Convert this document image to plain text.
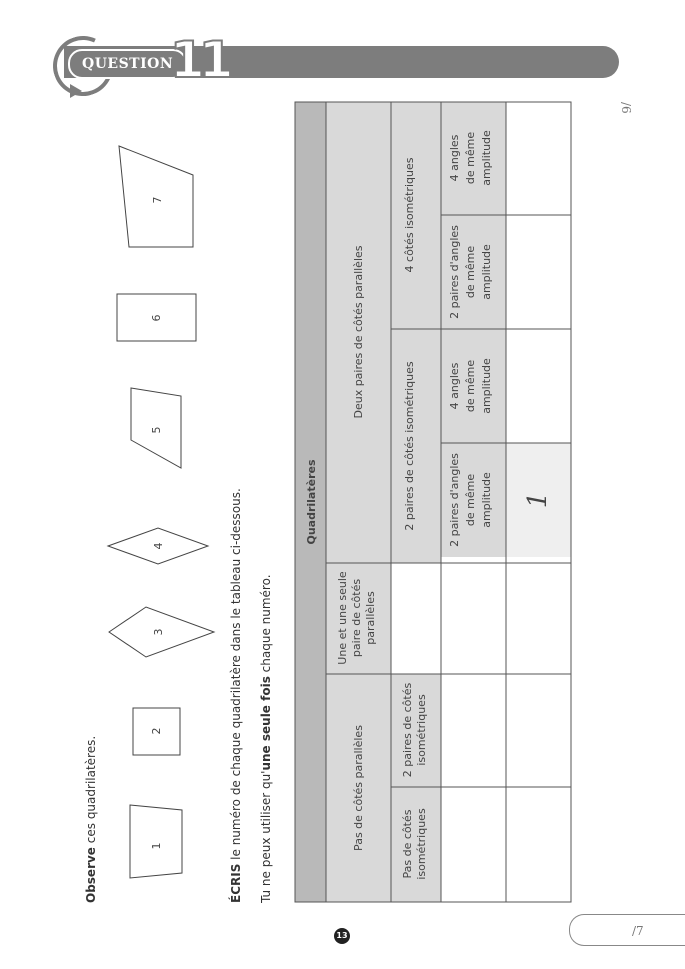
QUESTION
11
/6
/7
13
Observe ces quadrilatères.
ÉCRIS le numéro de chaque quadrilatère dans le tableau ci-dessous. Tu ne peux utiliser qu'une seule fois chaque numéro.
1
2
3
4
5
6
7
Quadrilatères
Pas de côtés parallèles
Une et une seule paire de côtés parallèles
Deux paires de côtés parallèles
Pas de côtés isométriques
2 paires de côtés isométriques
2 paires de côtés isométriques
4 côtés isométriques
2 paires d'angles de même amplitude
4 angles de même amplitude
2 paires d'angles de même amplitude
4 angles de même amplitude
1
